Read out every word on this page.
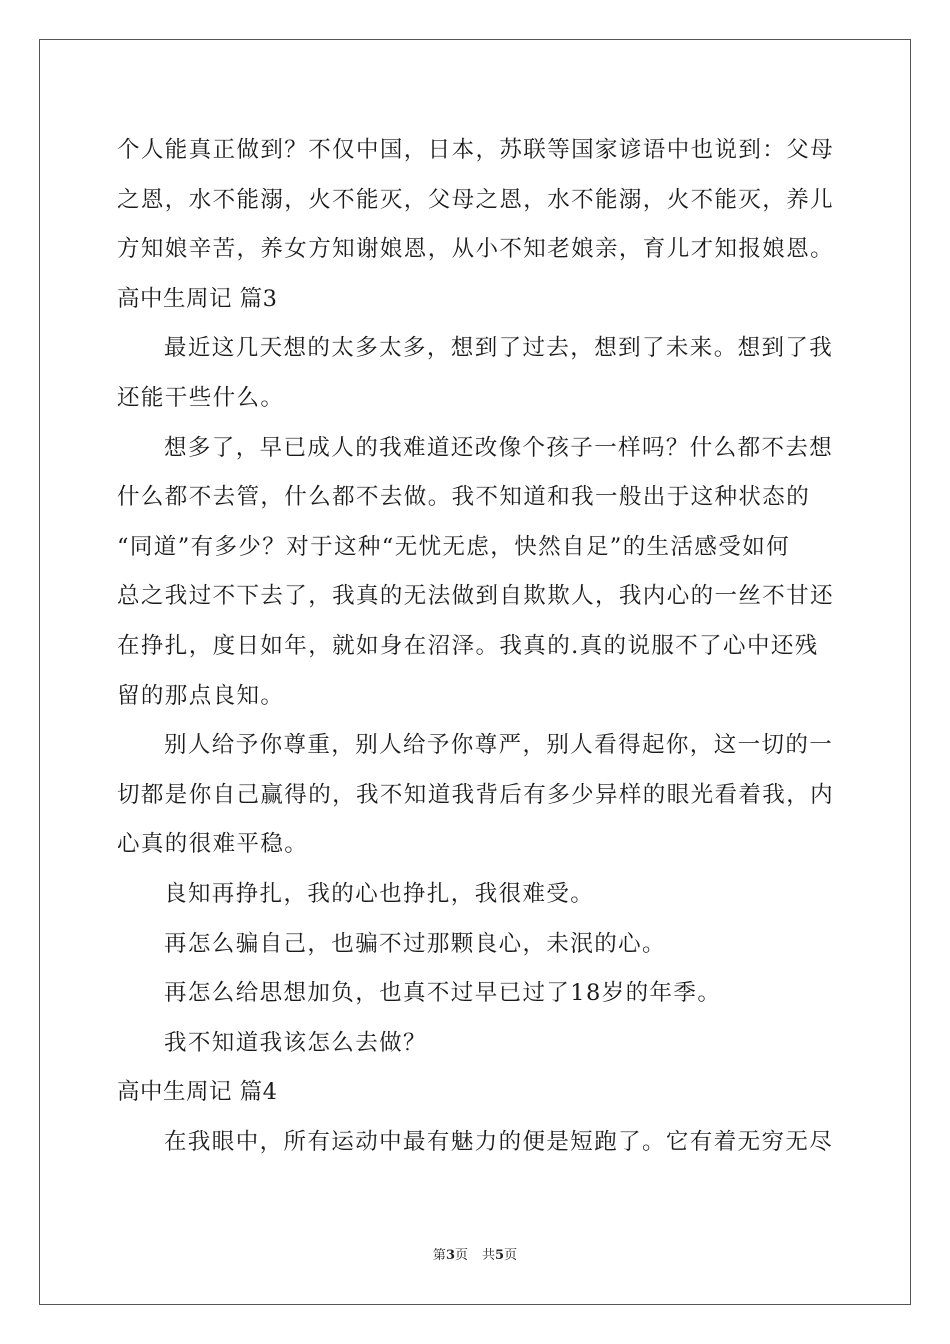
个人能真正做到？不仅中国，日本，苏联等国家谚语中也说到：父母
之恩，水不能溺，火不能灭，父母之恩，水不能溺，火不能灭，养儿
方知娘辛苦，养女方知谢娘恩，从小不知老娘亲，育儿才知报娘恩。
高中生周记 篇3
最近这几天想的太多太多，想到了过去，想到了未来。想到了我
还能干些什么。
想多了，早已成人的我难道还改像个孩子一样吗？什么都不去想
什么都不去管，什么都不去做。我不知道和我一般出于这种状态的
“同道”有多少？对于这种“无忧无虑，快然自足”的生活感受如何
总之我过不下去了，我真的无法做到自欺欺人，我内心的一丝不甘还
在挣扎，度日如年，就如身在沼泽。我真的.真的说服不了心中还残
留的那点良知。
别人给予你尊重，别人给予你尊严，别人看得起你，这一切的一
切都是你自己赢得的，我不知道我背后有多少异样的眼光看着我，内
心真的很难平稳。
良知再挣扎，我的心也挣扎，我很难受。
再怎么骗自己，也骗不过那颗良心，未泯的心。
再怎么给思想加负，也真不过早已过了18岁的年季。
我不知道我该怎么去做？
高中生周记 篇4
在我眼中，所有运动中最有魅力的便是短跑了。它有着无穷无尽
第3页 共5页
